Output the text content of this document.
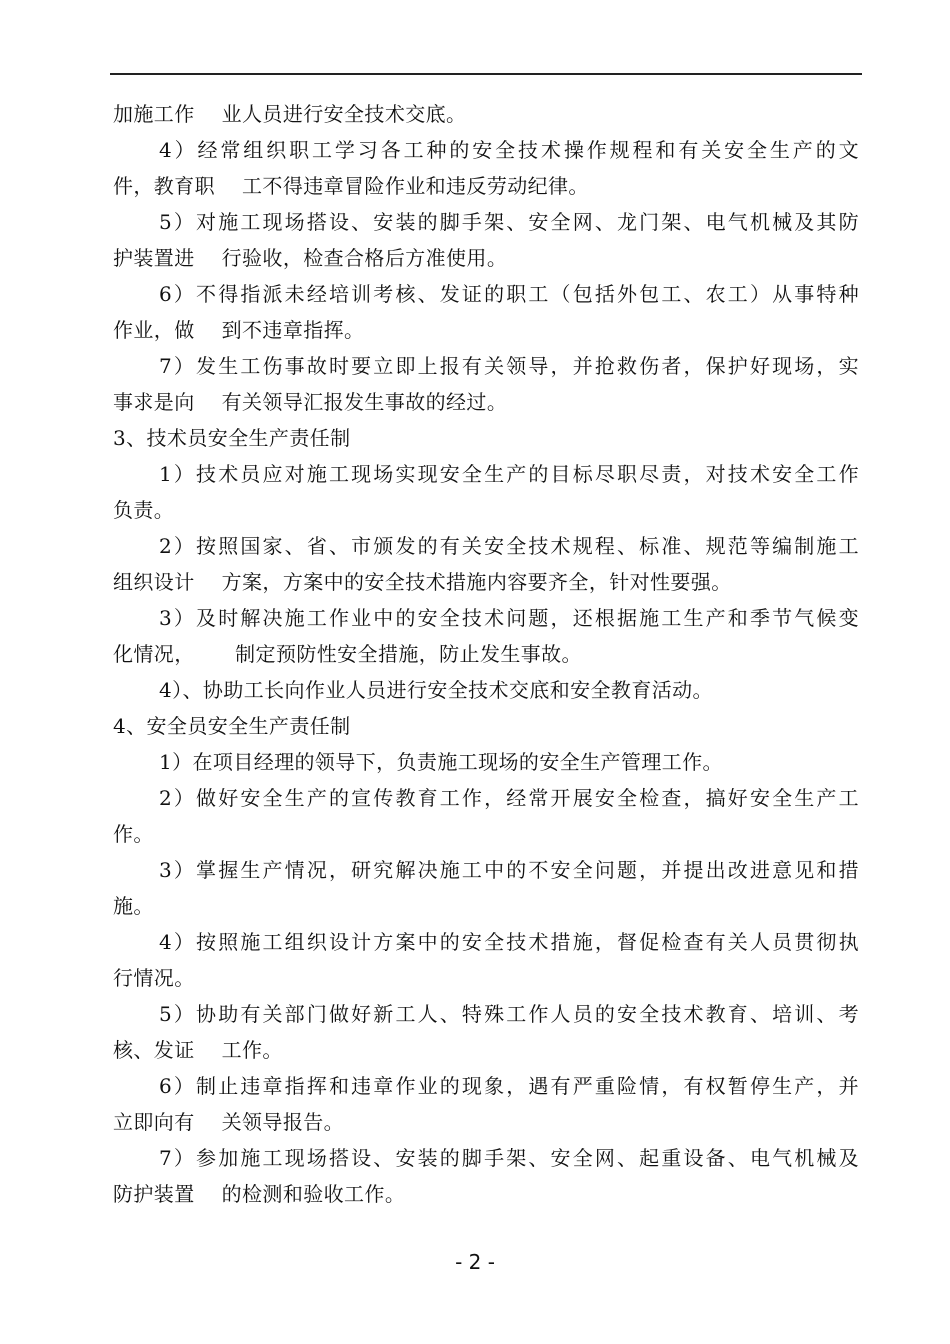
加施工作    业人员进行安全技术交底。
4）经常组织职工学习各工种的安全技术操作规程和有关安全生产的文
件，教育职    工不得违章冒险作业和违反劳动纪律。
5）对施工现场搭设、安装的脚手架、安全网、龙门架、电气机械及其防
护装置进    行验收，检查合格后方准使用。
6）不得指派未经培训考核、发证的职工（包括外包工、农工）从事特种
作业，做    到不违章指挥。
7）发生工伤事故时要立即上报有关领导，并抢救伤者，保护好现场，实
事求是向    有关领导汇报发生事故的经过。
3、技术员安全生产责任制
1）技术员应对施工现场实现安全生产的目标尽职尽责，对技术安全工作
负责。
2）按照国家、省、市颁发的有关安全技术规程、标准、规范等编制施工
组织设计    方案，方案中的安全技术措施内容要齐全，针对性要强。
3）及时解决施工作业中的安全技术问题，还根据施工生产和季节气候变
化情况，      制定预防性安全措施，防止发生事故。
4）、协助工长向作业人员进行安全技术交底和安全教育活动。
4、安全员安全生产责任制
1）在项目经理的领导下，负责施工现场的安全生产管理工作。
2）做好安全生产的宣传教育工作，经常开展安全检查，搞好安全生产工
作。
3）掌握生产情况，研究解决施工中的不安全问题，并提出改进意见和措
施。
4）按照施工组织设计方案中的安全技术措施，督促检查有关人员贯彻执
行情况。
5）协助有关部门做好新工人、特殊工作人员的安全技术教育、培训、考
核、发证    工作。
6）制止违章指挥和违章作业的现象，遇有严重险情，有权暂停生产，并
立即向有    关领导报告。
7）参加施工现场搭设、安装的脚手架、安全网、起重设备、电气机械及
防护装置    的检测和验收工作。
- 2 -
